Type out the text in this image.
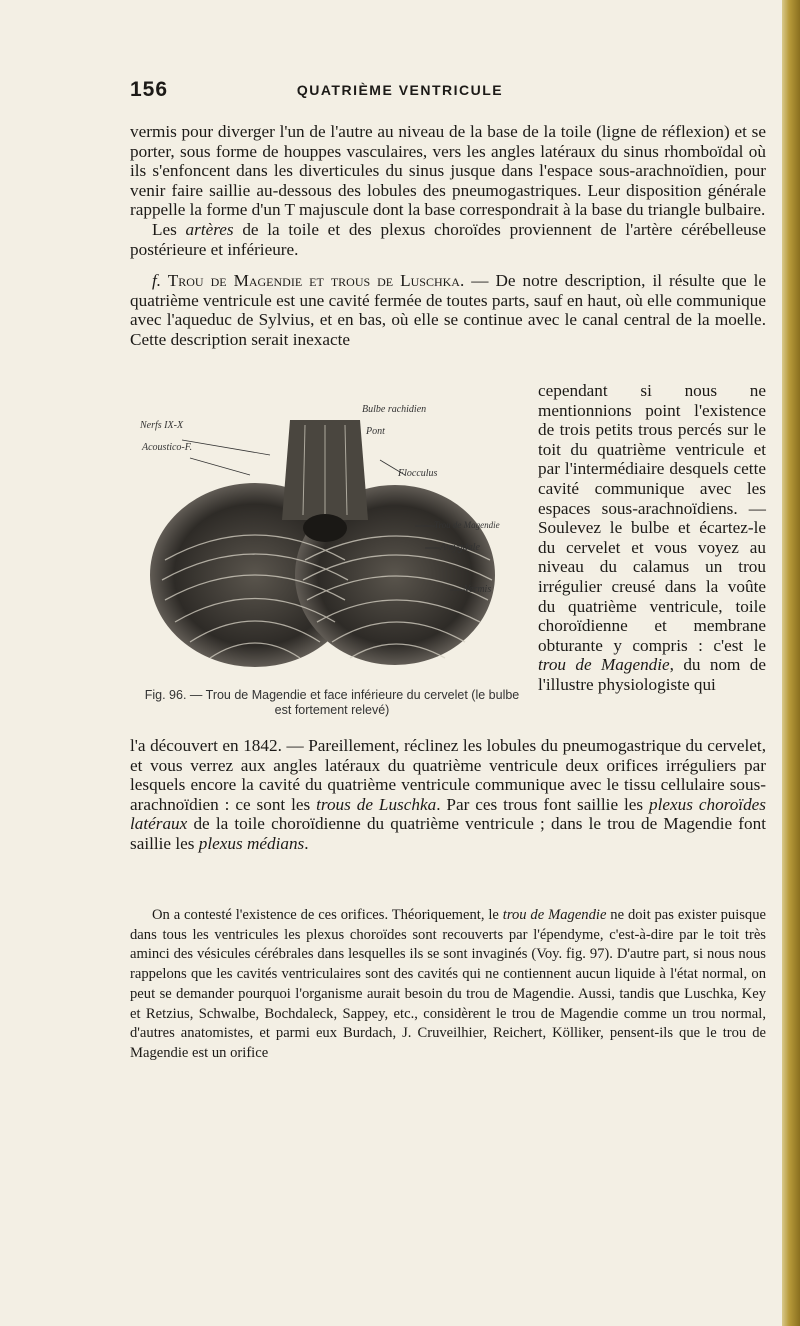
156	QUATRIÈME VENTRICULE

vermis pour diverger l'un de l'autre au niveau de la base de la toile (ligne de réflexion) et se porter, sous forme de houppes vasculaires, vers les angles latéraux du sinus rhomboïdal où ils s'enfoncent dans les diverticules du sinus jusque dans l'espace sous-arachnoïdien, pour venir faire saillie au-dessous des lobules des pneumogastriques. Leur disposition générale rappelle la forme d'un T majuscule dont la base correspondrait à la base du triangle bulbaire.

Les artères de la toile et des plexus choroïdes proviennent de l'artère cérébelleuse postérieure et inférieure.

f. Trou de Magendie et trous de Luschka. — De notre description, il résulte que le quatrième ventricule est une cavité fermée de toutes parts, sauf en haut, où elle communique avec l'aqueduc de Sylvius, et en bas, où elle se continue avec le canal central de la moelle. Cette description serait inexacte

cependant si nous ne mentionnions point l'existence de trois petits trous percés sur le toit du quatrième ventricule et par l'intermédiaire desquels cette cavité communique avec les espaces sous-arachnoïdiens. — Soulevez le bulbe et écartez-le du cervelet et vous voyez au niveau du calamus un trou irrégulier creusé dans la voûte du quatrième ventricule, toile choroïdienne et membrane obturante y compris : c'est le trou de Magendie, du nom de l'illustre physiologiste qui

Nerfs IX-X
Acoustico-F.
Bulbe rachidien
Pont
Flocculus
Trou de Magendie
Amygdale
Vermis
Fig. 96. — Trou de Magendie et face inférieure du cervelet (le bulbe est fortement relevé)

l'a découvert en 1842. — Pareillement, réclinez les lobules du pneumogastrique du cervelet, et vous verrez aux angles latéraux du quatrième ventricule deux orifices irréguliers par lesquels encore la cavité du quatrième ventricule communique avec le tissu cellulaire sous-arachnoïdien : ce sont les trous de Luschka. Par ces trous font saillie les plexus choroïdes latéraux de la toile choroïdienne du quatrième ventricule ; dans le trou de Magendie font saillie les plexus médians.

On a contesté l'existence de ces orifices. Théoriquement, le trou de Magendie ne doit pas exister puisque dans tous les ventricules les plexus choroïdes sont recouverts par l'épendyme, c'est-à-dire par le toit très aminci des vésicules cérébrales dans lesquelles ils se sont invaginés (Voy. fig. 97). D'autre part, si nous nous rappelons que les cavités ventriculaires sont des cavités qui ne contiennent aucun liquide à l'état normal, on peut se demander pourquoi l'organisme aurait besoin du trou de Magendie. Aussi, tandis que Luschka, Key et Retzius, Schwalbe, Bochdaleck, Sappey, etc., considèrent le trou de Magendie comme un trou normal, d'autres anatomistes, et parmi eux Burdach, J. Cruveilhier, Reichert, Kölliker, pensent-ils que le trou de Magendie est un orifice
